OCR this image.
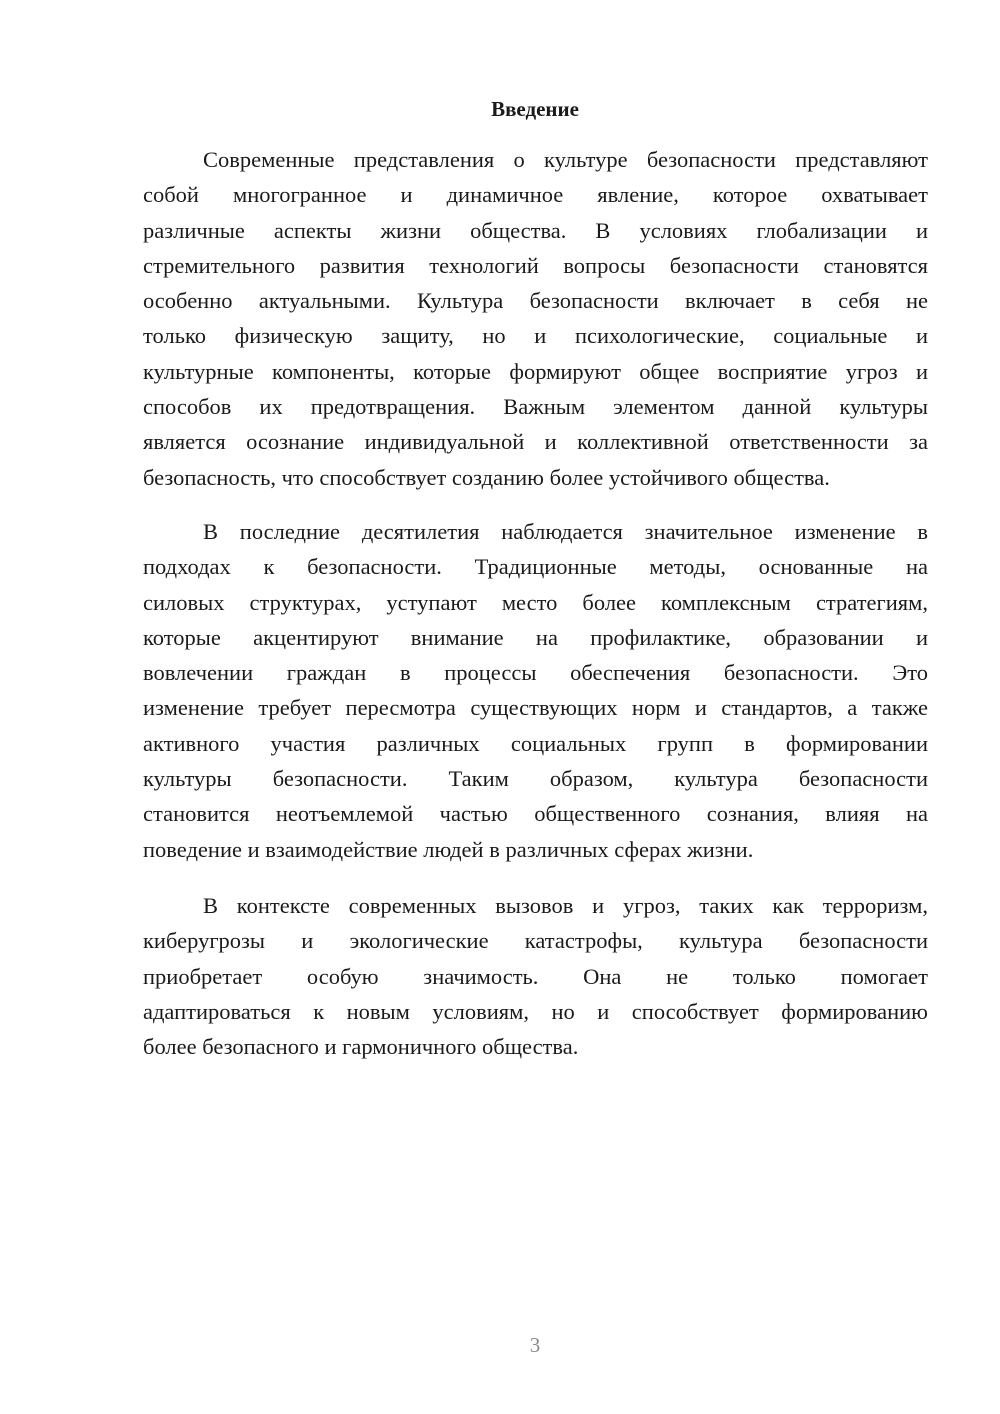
Введение
Современные представления о культуре безопасности представляют
собой многогранное и динамичное явление, которое охватывает
различные аспекты жизни общества. В условиях глобализации и
стремительного развития технологий вопросы безопасности становятся
особенно актуальными. Культура безопасности включает в себя не
только физическую защиту, но и психологические, социальные и
культурные компоненты, которые формируют общее восприятие угроз и
способов их предотвращения. Важным элементом данной культуры
является осознание индивидуальной и коллективной ответственности за
безопасность, что способствует созданию более устойчивого общества.
В последние десятилетия наблюдается значительное изменение в
подходах к безопасности. Традиционные методы, основанные на
силовых структурах, уступают место более комплексным стратегиям,
которые акцентируют внимание на профилактике, образовании и
вовлечении граждан в процессы обеспечения безопасности. Это
изменение требует пересмотра существующих норм и стандартов, а также
активного участия различных социальных групп в формировании
культуры безопасности. Таким образом, культура безопасности
становится неотъемлемой частью общественного сознания, влияя на
поведение и взаимодействие людей в различных сферах жизни.
В контексте современных вызовов и угроз, таких как терроризм,
киберугрозы и экологические катастрофы, культура безопасности
приобретает особую значимость. Она не только помогает
адаптироваться к новым условиям, но и способствует формированию
более безопасного и гармоничного общества.
3
